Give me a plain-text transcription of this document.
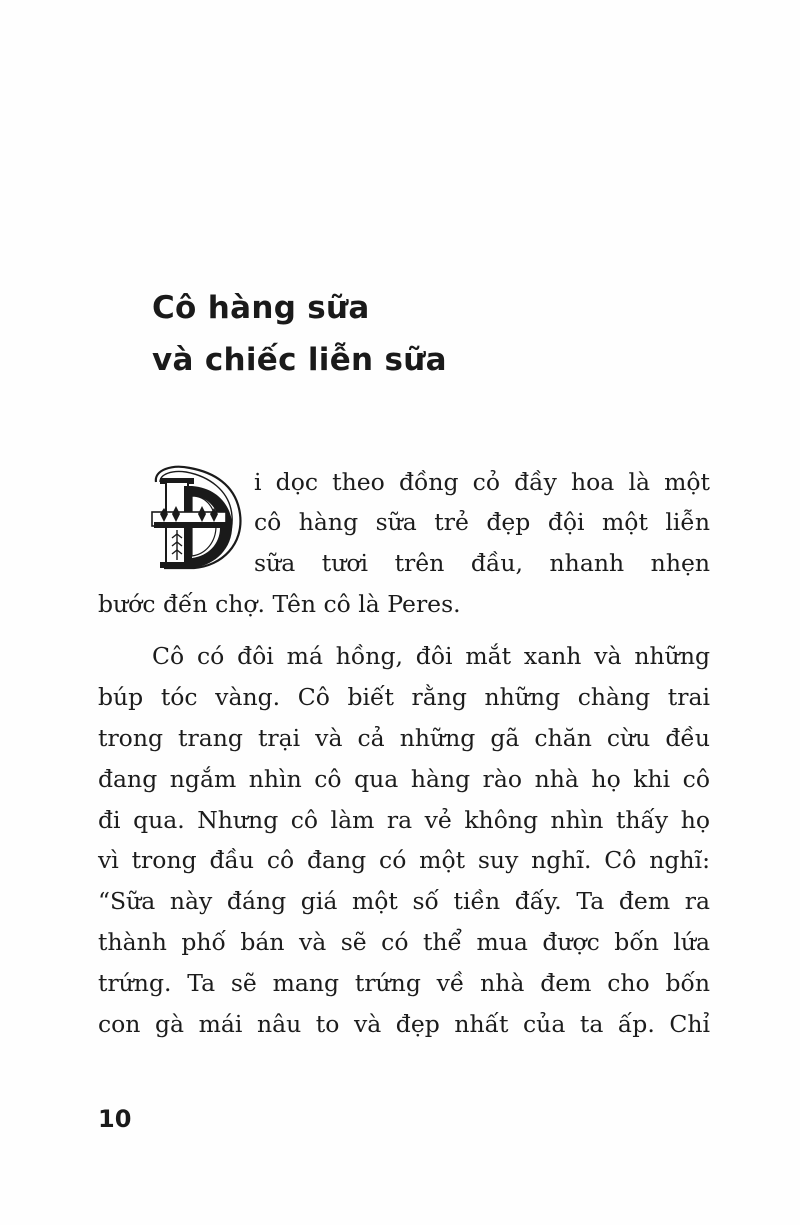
Cô hàng sữa
và chiếc liễn sữa
i dọc theo đồng cỏ đầy hoa là một
cô hàng sữa trẻ đẹp đội một liễn
sữa tươi trên đầu, nhanh nhẹn
bước đến chợ. Tên cô là Peres.
Cô có đôi má hồng, đôi mắt xanh và những
búp tóc vàng. Cô biết rằng những chàng trai
trong trang trại và cả những gã chăn cừu đều
đang ngắm nhìn cô qua hàng rào nhà họ khi cô
đi qua. Nhưng cô làm ra vẻ không nhìn thấy họ
vì trong đầu cô đang có một suy nghĩ. Cô nghĩ:
“Sữa này đáng giá một số tiền đấy. Ta đem ra
thành phố bán và sẽ có thể mua được bốn lứa
trứng. Ta sẽ mang trứng về nhà đem cho bốn
con gà mái nâu to và đẹp nhất của ta ấp. Chỉ
10
